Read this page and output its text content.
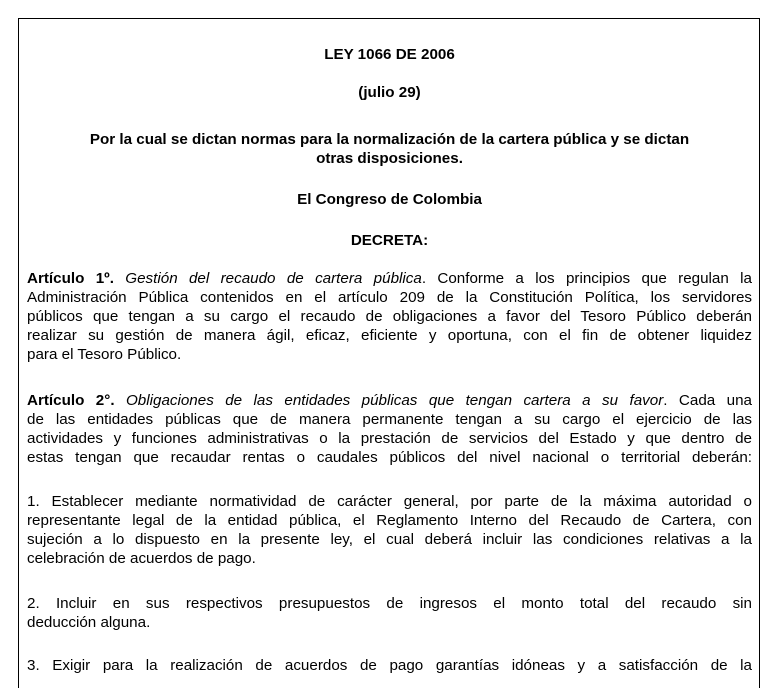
LEY 1066 DE 2006
(julio 29)
Por la cual se dictan normas para la normalización de la cartera pública y se dictan
otras disposiciones.
El Congreso de Colombia
DECRETA:
Artículo 1º. Gestión del recaudo de cartera pública. Conforme a los principios que regulan la
Administración Pública contenidos en el artículo 209 de la Constitución Política, los servidores
públicos que tengan a su cargo el recaudo de obligaciones a favor del Tesoro Público deberán
realizar su gestión de manera ágil, eficaz, eficiente y oportuna, con el fin de obtener liquidez
para el Tesoro Público.
Artículo 2°. Obligaciones de las entidades públicas que tengan cartera a su favor. Cada una
de las entidades públicas que de manera permanente tengan a su cargo el ejercicio de las
actividades y funciones administrativas o la prestación de servicios del Estado y que dentro de
estas tengan que recaudar rentas o caudales públicos del nivel nacional o territorial deberán:
1. Establecer mediante normatividad de carácter general, por parte de la máxima autoridad o
representante legal de la entidad pública, el Reglamento Interno del Recaudo de Cartera, con
sujeción a lo dispuesto en la presente ley, el cual deberá incluir las condiciones relativas a la
celebración de acuerdos de pago.
2. Incluir en sus respectivos presupuestos de ingresos el monto total del recaudo sin
deducción alguna.
3. Exigir para la realización de acuerdos de pago garantías idóneas y a satisfacción de la
